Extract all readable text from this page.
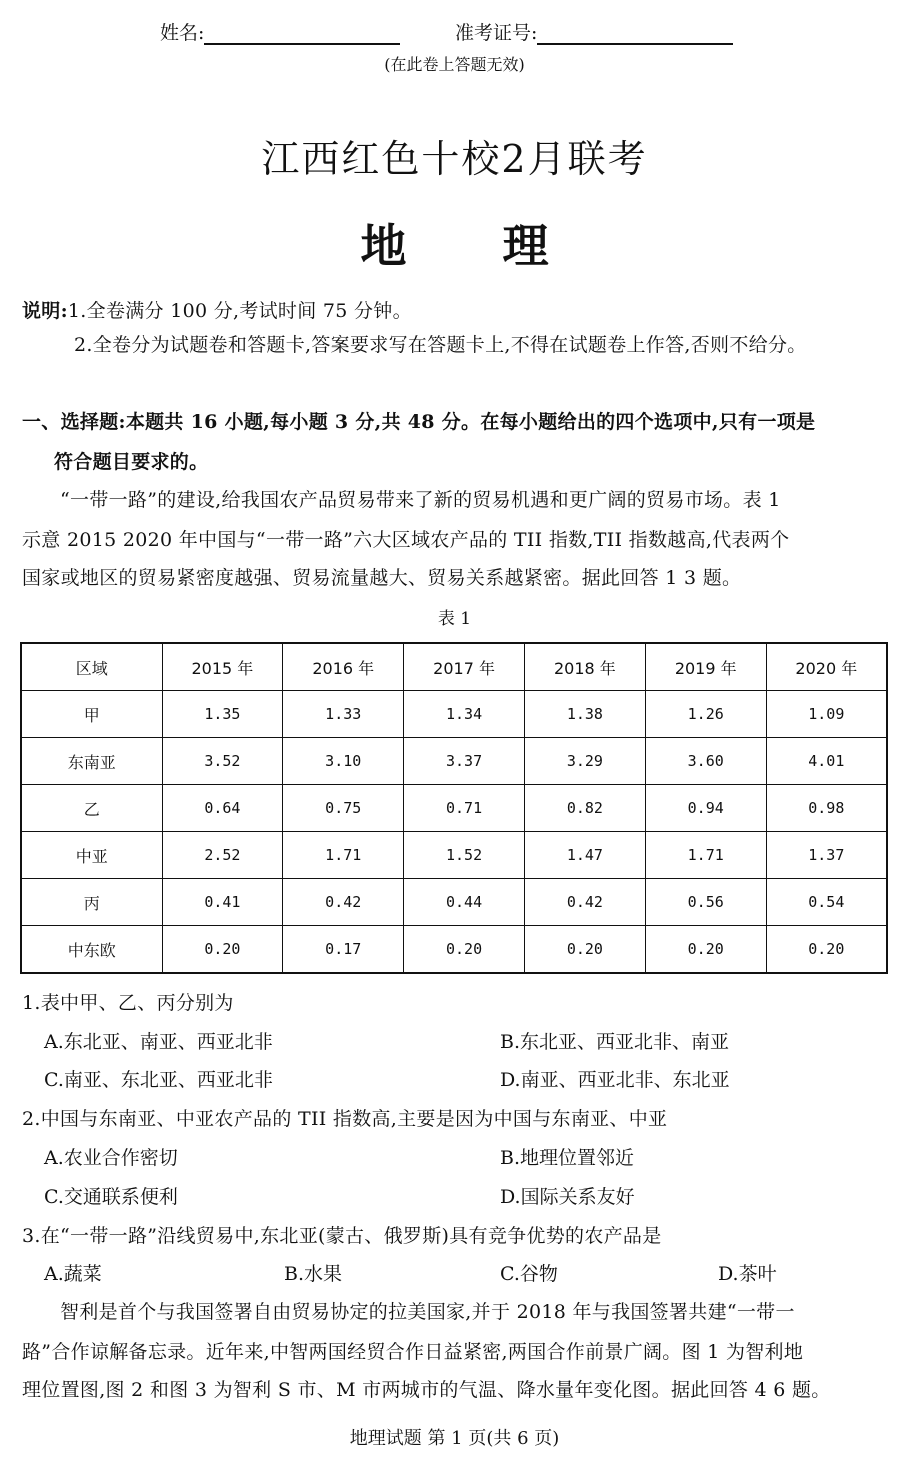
姓名:	准考证号:
(在此卷上答题无效)
江西红色十校2月联考
地 理
说明:1.全卷满分 100 分,考试时间 75 分钟。
2.全卷分为试题卷和答题卡,答案要求写在答题卡上,不得在试题卷上作答,否则不给分。
一、选择题:本题共 16 小题,每小题 3 分,共 48 分。在每小题给出的四个选项中,只有一项是
符合题目要求的。
“一带一路”的建设,给我国农产品贸易带来了新的贸易机遇和更广阔的贸易市场。表 1
示意 2015 2020 年中国与“一带一路”六大区域农产品的 TII 指数,TII 指数越高,代表两个
国家或地区的贸易紧密度越强、贸易流量越大、贸易关系越紧密。据此回答 1 3 题。
表 1
区域	2015 年	2016 年	2017 年	2018 年	2019 年	2020 年
甲	1.35	1.33	1.34	1.38	1.26	1.09
东南亚	3.52	3.10	3.37	3.29	3.60	4.01
乙	0.64	0.75	0.71	0.82	0.94	0.98
中亚	2.52	1.71	1.52	1.47	1.71	1.37
丙	0.41	0.42	0.44	0.42	0.56	0.54
中东欧	0.20	0.17	0.20	0.20	0.20	0.20
1.表中甲、乙、丙分别为
A.东北亚、南亚、西亚北非	B.东北亚、西亚北非、南亚
C.南亚、东北亚、西亚北非	D.南亚、西亚北非、东北亚
2.中国与东南亚、中亚农产品的 TII 指数高,主要是因为中国与东南亚、中亚
A.农业合作密切	B.地理位置邻近
C.交通联系便利	D.国际关系友好
3.在“一带一路”沿线贸易中,东北亚(蒙古、俄罗斯)具有竞争优势的农产品是
A.蔬菜	B.水果	C.谷物	D.茶叶
智利是首个与我国签署自由贸易协定的拉美国家,并于 2018 年与我国签署共建“一带一
路”合作谅解备忘录。近年来,中智两国经贸合作日益紧密,两国合作前景广阔。图 1 为智利地
理位置图,图 2 和图 3 为智利 S 市、M 市两城市的气温、降水量年变化图。据此回答 4 6 题。
地理试题 第 1 页(共 6 页)
